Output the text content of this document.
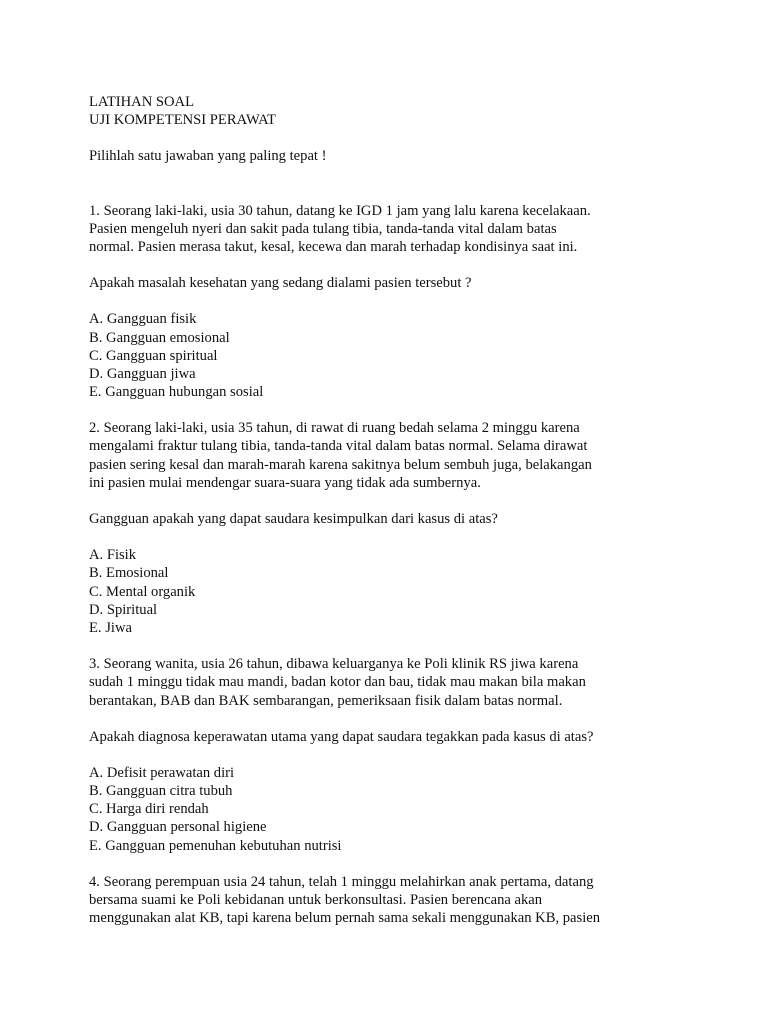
LATIHAN SOAL
UJI KOMPETENSI PERAWAT
Pilihlah satu jawaban yang paling tepat !
1. Seorang laki-laki, usia 30 tahun, datang ke IGD 1 jam yang lalu karena kecelakaan.
Pasien mengeluh nyeri dan sakit pada tulang tibia, tanda-tanda vital dalam batas
normal. Pasien merasa takut, kesal, kecewa dan marah terhadap kondisinya saat ini.
Apakah masalah kesehatan yang sedang dialami pasien tersebut ?
A. Gangguan fisik
B. Gangguan emosional
C. Gangguan spiritual
D. Gangguan jiwa
E. Gangguan hubungan sosial
2. Seorang laki-laki, usia 35 tahun, di rawat di ruang bedah selama 2 minggu karena
mengalami fraktur tulang tibia, tanda-tanda vital dalam batas normal. Selama dirawat
pasien sering kesal dan marah-marah karena sakitnya belum sembuh juga, belakangan
ini pasien mulai mendengar suara-suara yang tidak ada sumbernya.
Gangguan apakah yang dapat saudara kesimpulkan dari kasus di atas?
A. Fisik
B. Emosional
C. Mental organik
D. Spiritual
E. Jiwa
3. Seorang wanita, usia 26 tahun, dibawa keluarganya ke Poli klinik RS jiwa karena
sudah 1 minggu tidak mau mandi, badan kotor dan bau, tidak mau makan bila makan
berantakan, BAB dan BAK sembarangan, pemeriksaan fisik dalam batas normal.
Apakah diagnosa keperawatan utama yang dapat saudara tegakkan pada kasus di atas?
A. Defisit perawatan diri
B. Gangguan citra tubuh
C. Harga diri rendah
D. Gangguan personal higiene
E. Gangguan pemenuhan kebutuhan nutrisi
4. Seorang perempuan usia 24 tahun, telah 1 minggu melahirkan anak pertama, datang
bersama suami ke Poli kebidanan untuk berkonsultasi. Pasien berencana akan
menggunakan alat KB, tapi karena belum pernah sama sekali menggunakan KB, pasien
